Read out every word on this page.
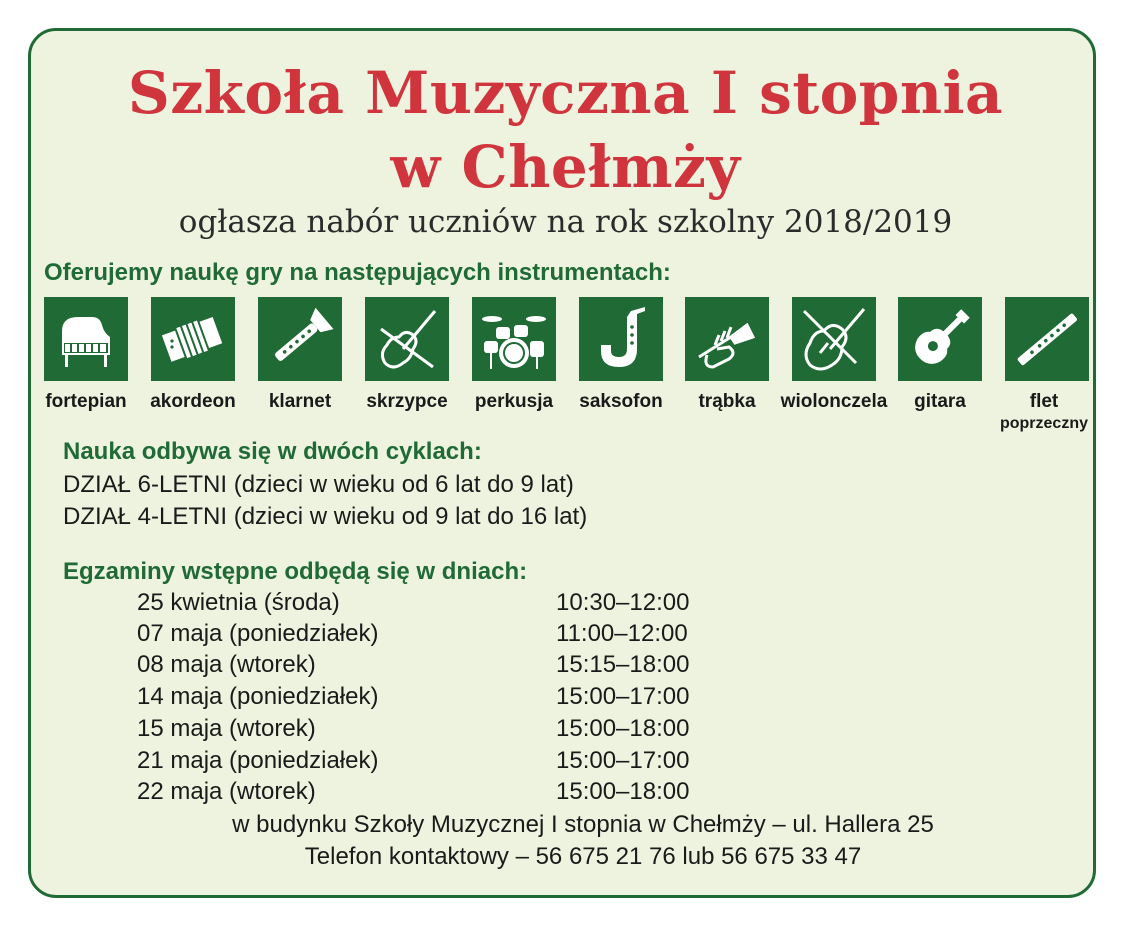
Szkoła Muzyczna I stopnia
w Chełmży
ogłasza nabór uczniów na rok szkolny 2018/2019
Oferujemy naukę gry na następujących instrumentach:
fortepian	akordeon	klarnet	skrzypce	perkusja	saksofon	trąbka	wiolonczela	gitara	flet
poprzeczny
Nauka odbywa się w dwóch cyklach:
DZIAŁ 6-LETNI (dzieci w wieku od 6 lat do 9 lat)
DZIAŁ 4-LETNI (dzieci w wieku od 9 lat do 16 lat)
Egzaminy wstępne odbędą się w dniach:
25 kwietnia (środa)	10:30–12:00
07 maja (poniedziałek)	11:00–12:00
08 maja (wtorek)	15:15–18:00
14 maja (poniedziałek)	15:00–17:00
15 maja (wtorek)	15:00–18:00
21 maja (poniedziałek)	15:00–17:00
22 maja (wtorek)	15:00–18:00
w budynku Szkoły Muzycznej I stopnia w Chełmży – ul. Hallera 25
Telefon kontaktowy – 56 675 21 76 lub 56 675 33 47
